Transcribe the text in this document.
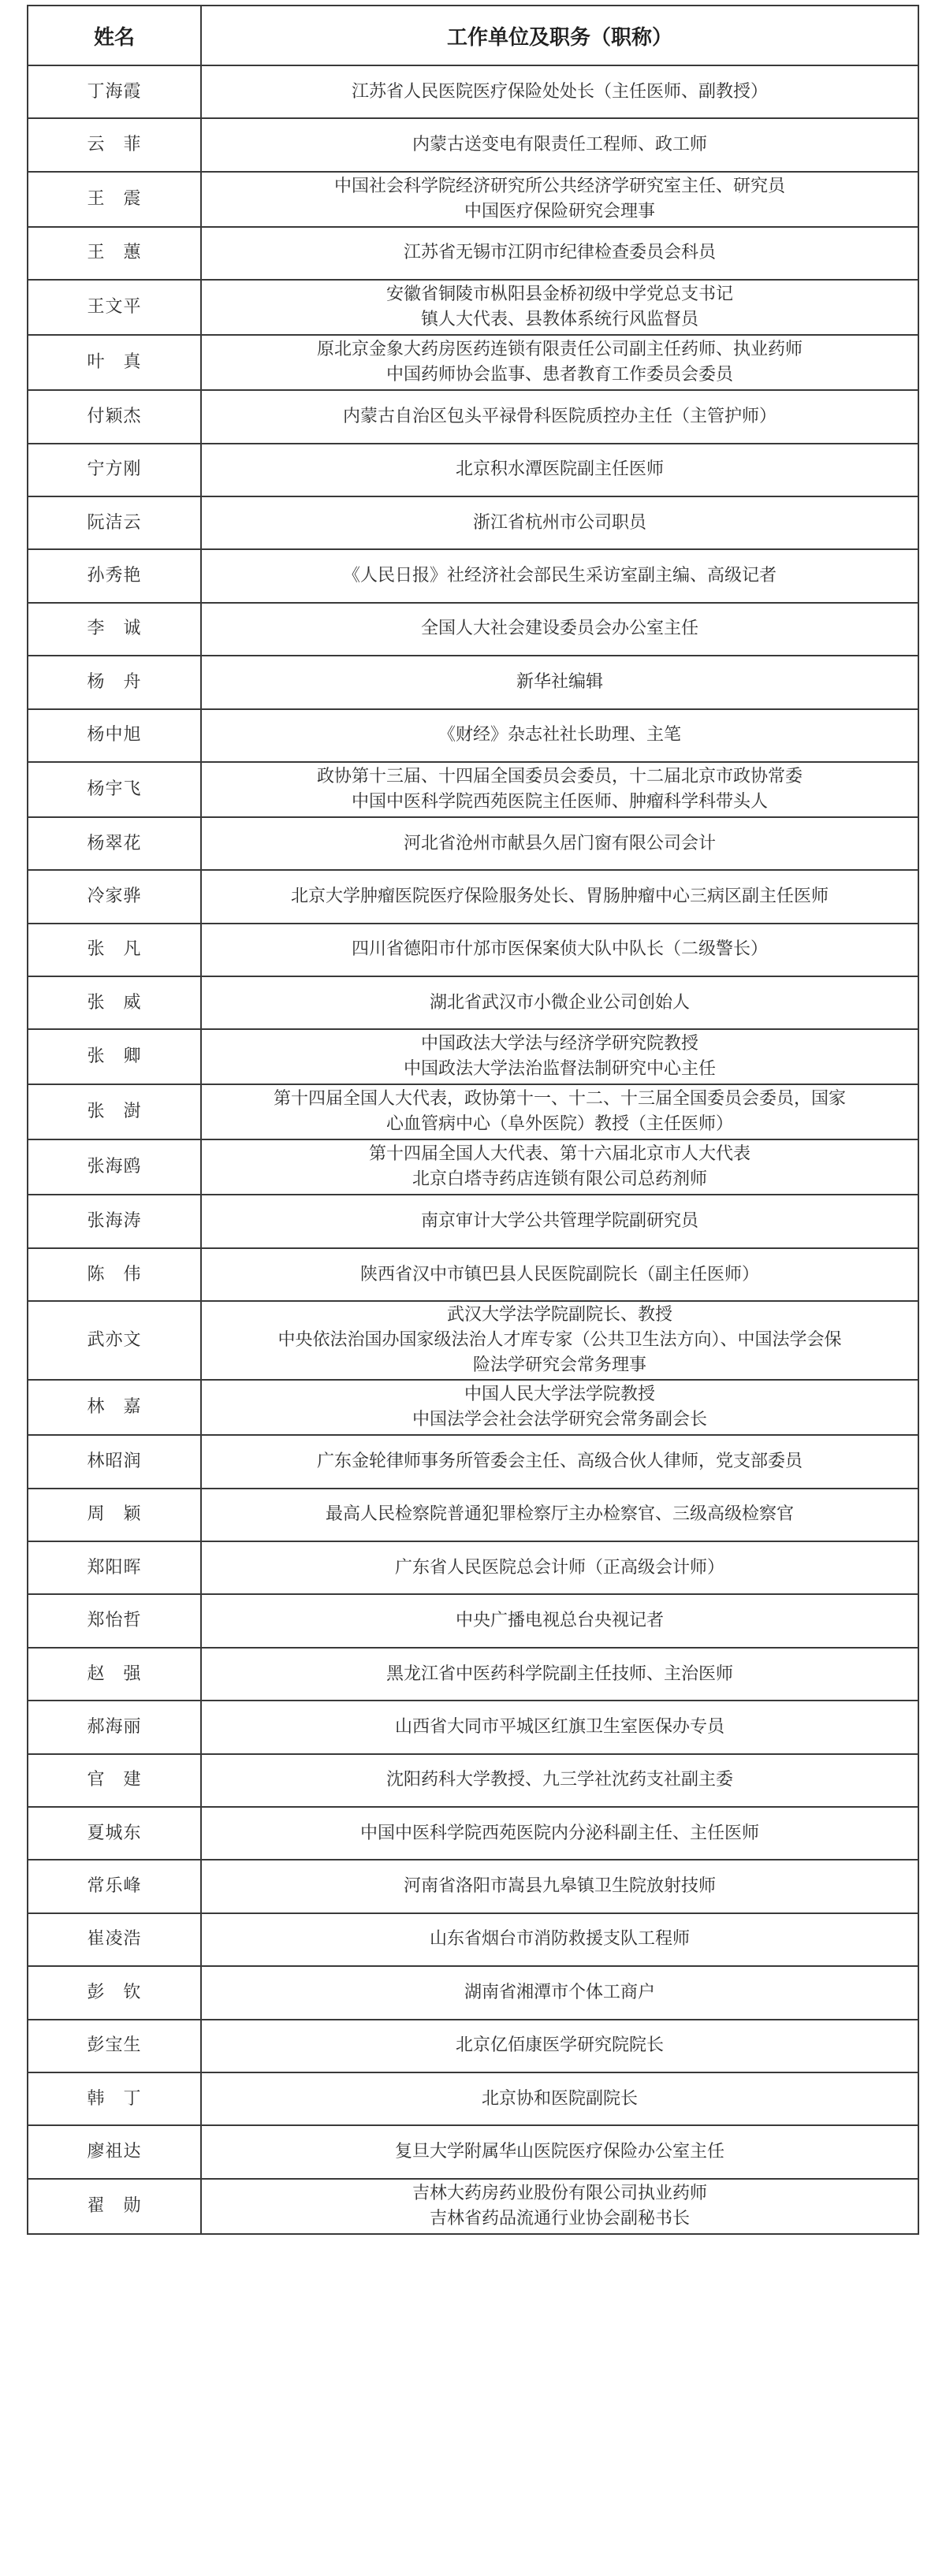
姓名	工作单位及职务（职称）
丁海霞	江苏省人民医院医疗保险处处长（主任医师、副教授）

云　菲	内蒙古送变电有限责任工程师、政工师

王　震	中国社会科学院经济研究所公共经济学研究室主任、研究员
中国医疗保险研究会理事

王　蕙	江苏省无锡市江阴市纪律检查委员会科员

王文平	安徽省铜陵市枞阳县金桥初级中学党总支书记
镇人大代表、县教体系统行风监督员

叶　真	原北京金象大药房医药连锁有限责任公司副主任药师、执业药师
中国药师协会监事、患者教育工作委员会委员

付颖杰	内蒙古自治区包头平禄骨科医院质控办主任（主管护师）

宁方刚	北京积水潭医院副主任医师

阮洁云	浙江省杭州市公司职员

孙秀艳	《人民日报》社经济社会部民生采访室副主编、高级记者

李　诚	全国人大社会建设委员会办公室主任

杨　舟	新华社编辑

杨中旭	《财经》杂志社社长助理、主笔

杨宇飞	政协第十三届、十四届全国委员会委员，十二届北京市政协常委
中国中医科学院西苑医院主任医师、肿瘤科学科带头人

杨翠花	河北省沧州市献县久居门窗有限公司会计

冷家骅	北京大学肿瘤医院医疗保险服务处长、胃肠肿瘤中心三病区副主任医师

张　凡	四川省德阳市什邡市医保案侦大队中队长（二级警长）

张　威	湖北省武汉市小微企业公司创始人

张　卿	中国政法大学法与经济学研究院教授
中国政法大学法治监督法制研究中心主任

张　澍	第十四届全国人大代表，政协第十一、十二、十三届全国委员会委员，国家
心血管病中心（阜外医院）教授（主任医师）

张海鸥	第十四届全国人大代表、第十六届北京市人大代表
北京白塔寺药店连锁有限公司总药剂师

张海涛	南京审计大学公共管理学院副研究员

陈　伟	陕西省汉中市镇巴县人民医院副院长（副主任医师）

武亦文	武汉大学法学院副院长、教授
中央依法治国办国家级法治人才库专家（公共卫生法方向）、中国法学会保
险法学研究会常务理事

林　嘉	中国人民大学法学院教授
中国法学会社会法学研究会常务副会长

林昭润	广东金轮律师事务所管委会主任、高级合伙人律师，党支部委员

周　颖	最高人民检察院普通犯罪检察厅主办检察官、三级高级检察官

郑阳晖	广东省人民医院总会计师（正高级会计师）

郑怡哲	中央广播电视总台央视记者

赵　强	黑龙江省中医药科学院副主任技师、主治医师

郝海丽	山西省大同市平城区红旗卫生室医保办专员

官　建	沈阳药科大学教授、九三学社沈药支社副主委

夏城东	中国中医科学院西苑医院内分泌科副主任、主任医师

常乐峰	河南省洛阳市嵩县九皋镇卫生院放射技师

崔凌浩	山东省烟台市消防救援支队工程师

彭　钦	湖南省湘潭市个体工商户

彭宝生	北京亿佰康医学研究院院长

韩　丁	北京协和医院副院长

廖祖达	复旦大学附属华山医院医疗保险办公室主任

翟　勋	吉林大药房药业股份有限公司执业药师
吉林省药品流通行业协会副秘书长
